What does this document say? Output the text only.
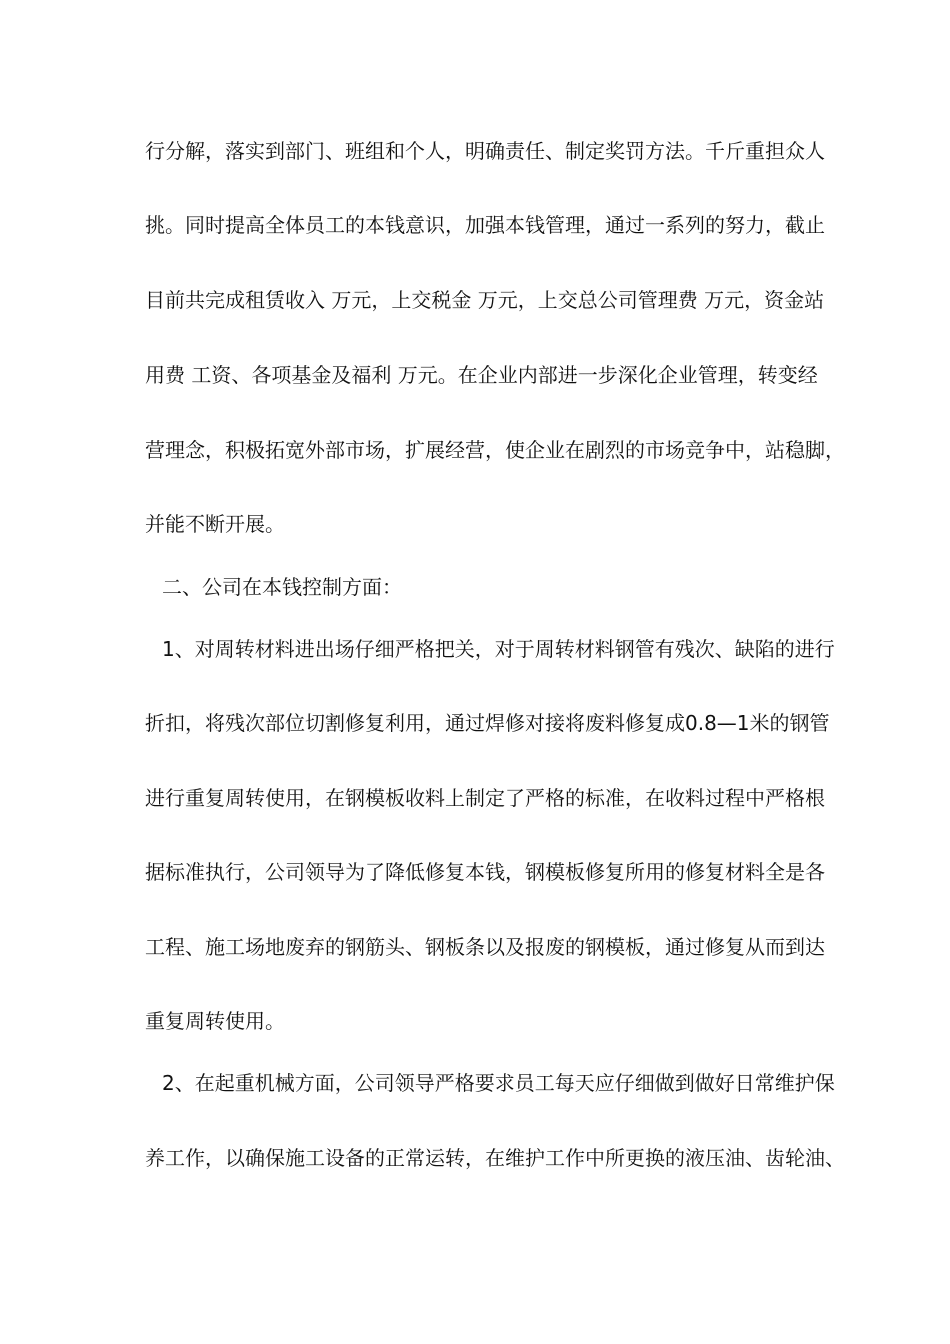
行分解，落实到部门、班组和个人，明确责任、制定奖罚方法。千斤重担众人
挑。同时提高全体员工的本钱意识，加强本钱管理，通过一系列的努力，截止
目前共完成租赁收入 万元，上交税金 万元，上交总公司管理费 万元，资金站
用费 工资、各项基金及福利 万元。在企业内部进一步深化企业管理，转变经
营理念，积极拓宽外部市场，扩展经营，使企业在剧烈的市场竞争中，站稳脚，
并能不断开展。
二、公司在本钱控制方面：
1、对周转材料进出场仔细严格把关，对于周转材料钢管有残次、缺陷的进行
折扣，将残次部位切割修复利用，通过焊修对接将废料修复成0.8—1米的钢管
进行重复周转使用，在钢模板收料上制定了严格的标准，在收料过程中严格根
据标准执行，公司领导为了降低修复本钱，钢模板修复所用的修复材料全是各
工程、施工场地废弃的钢筋头、钢板条以及报废的钢模板，通过修复从而到达
重复周转使用。
2、在起重机械方面，公司领导严格要求员工每天应仔细做到做好日常维护保
养工作，以确保施工设备的正常运转，在维护工作中所更换的液压油、齿轮油、
